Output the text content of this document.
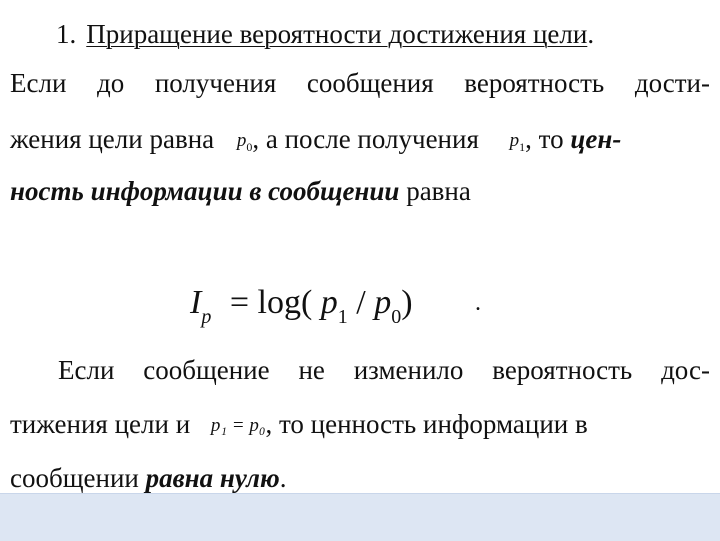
1. Приращение вероятности достижения цели.
Если до получения сообщения вероятность дости-
жения цели равна $p_0$, а после получения $p_1$, то цен-
ность информации в сообщении равна
$I_p = \log$( $p_1 / p_0$)	.
Если сообщение не изменило вероятность дос-
тижения цели и p₁ = p₀, то ценность информации в
сообщении равна нулю.
